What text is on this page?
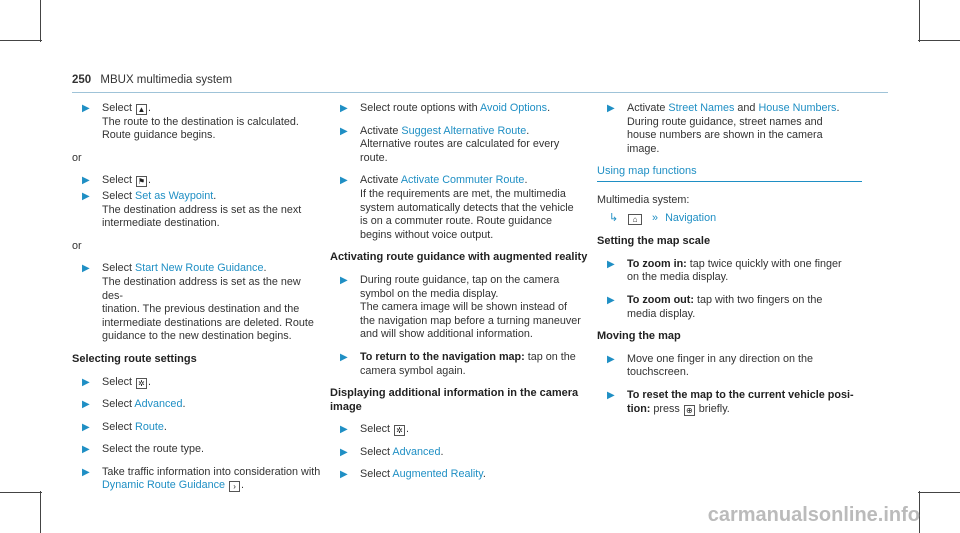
250 MBUX multimedia system
▶	Select ▲ .
The route to the destination is calculated.
Route guidance begins.
or
▶	Select ⚑ .
▶	Select Set as Waypoint.
The destination address is set as the next
intermediate destination.
or
▶	Select Start New Route Guidance.
The destination address is set as the new des-
tination. The previous destination and the
intermediate destinations are deleted. Route
guidance to the new destination begins.
Selecting route settings
▶	Select ✲ .
▶	Select Advanced.
▶	Select Route.
▶	Select the route type.
▶	Take traffic information into consideration with
Dynamic Route Guidance › .
▶	Select route options with Avoid Options.
▶	Activate Suggest Alternative Route.
Alternative routes are calculated for every
route.
▶	Activate Activate Commuter Route.
If the requirements are met, the multimedia
system automatically detects that the vehicle
is on a commuter route. Route guidance
begins without voice output.
Activating route guidance with augmented reality
▶	During route guidance, tap on the camera
symbol on the media display.
The camera image will be shown instead of
the navigation map before a turning maneuver
and will show additional information.
▶	To return to the navigation map: tap on the
camera symbol again.
Displaying additional information in the camera
image
▶	Select ✲ .
▶	Select Advanced.
▶	Select Augmented Reality.
▶	Activate Street Names and House Numbers.
During route guidance, street names and
house numbers are shown in the camera
image.
Using map functions
Multimedia system:
↳ ⌂ » Navigation
Setting the map scale
▶	To zoom in: tap twice quickly with one finger
on the media display.
▶	To zoom out: tap with two fingers on the
media display.
Moving the map
▶	Move one finger in any direction on the
touchscreen.
▶	To reset the map to the current vehicle posi-
tion: press ⊕ briefly.
carmanualsonline.info
